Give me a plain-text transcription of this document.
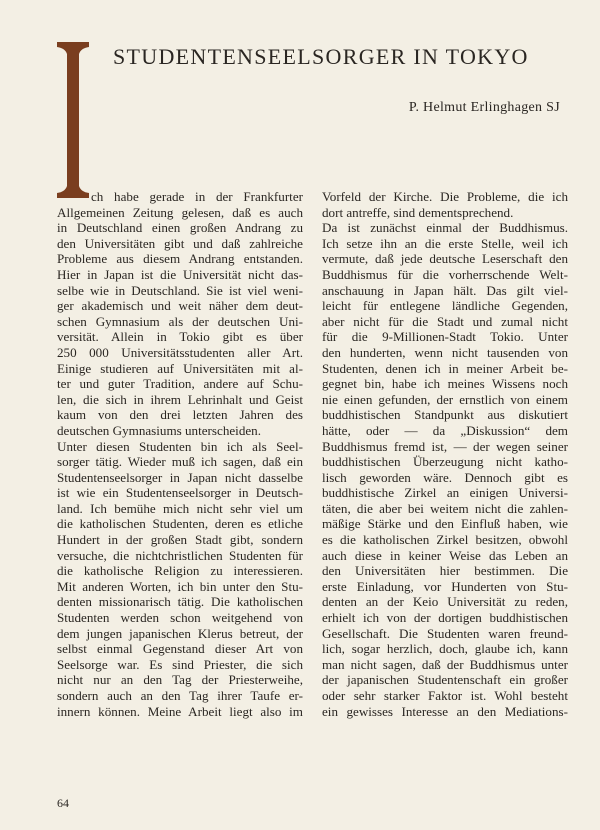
STUDENTENSEELSORGER IN TOKYO
P. Helmut Erlinghagen SJ
ch habe gerade in der Frankfurter
Allgemeinen Zeitung gelesen, daß es auch
in Deutschland einen großen Andrang zu
den Universitäten gibt und daß zahlreiche
Probleme aus diesem Andrang entstanden.
Hier in Japan ist die Universität nicht das-
selbe wie in Deutschland. Sie ist viel weni-
ger akademisch und weit näher dem deut-
schen Gymnasium als der deutschen Uni-
versität. Allein in Tokio gibt es über
250 000 Universitätsstudenten aller Art.
Einige studieren auf Universitäten mit al-
ter und guter Tradition, andere auf Schu-
len, die sich in ihrem Lehrinhalt und Geist
kaum von den drei letzten Jahren des
deutschen Gymnasiums unterscheiden.
Unter diesen Studenten bin ich als Seel-
sorger tätig. Wieder muß ich sagen, daß ein
Studentenseelsorger in Japan nicht dasselbe
ist wie ein Studentenseelsorger in Deutsch-
land. Ich bemühe mich nicht sehr viel um
die katholischen Studenten, deren es etliche
Hundert in der großen Stadt gibt, sondern
versuche, die nichtchristlichen Studenten für
die katholische Religion zu interessieren.
Mit anderen Worten, ich bin unter den Stu-
denten missionarisch tätig. Die katholischen
Studenten werden schon weitgehend von
dem jungen japanischen Klerus betreut, der
selbst einmal Gegenstand dieser Art von
Seelsorge war. Es sind Priester, die sich
nicht nur an den Tag der Priesterweihe,
sondern auch an den Tag ihrer Taufe er-
innern können. Meine Arbeit liegt also im
Vorfeld der Kirche. Die Probleme, die ich
dort antreffe, sind dementsprechend.
Da ist zunächst einmal der Buddhismus.
Ich setze ihn an die erste Stelle, weil ich
vermute, daß jede deutsche Leserschaft den
Buddhismus für die vorherrschende Welt-
anschauung in Japan hält. Das gilt viel-
leicht für entlegene ländliche Gegenden,
aber nicht für die Stadt und zumal nicht
für die 9-Millionen-Stadt Tokio. Unter
den hunderten, wenn nicht tausenden von
Studenten, denen ich in meiner Arbeit be-
gegnet bin, habe ich meines Wissens noch
nie einen gefunden, der ernstlich von einem
buddhistischen Standpunkt aus diskutiert
hätte, oder — da „Diskussion“ dem
Buddhismus fremd ist, — der wegen seiner
buddhistischen Überzeugung nicht katho-
lisch geworden wäre. Dennoch gibt es
buddhistische Zirkel an einigen Universi-
täten, die aber bei weitem nicht die zahlen-
mäßige Stärke und den Einfluß haben, wie
es die katholischen Zirkel besitzen, obwohl
auch diese in keiner Weise das Leben an
den Universitäten hier bestimmen. Die
erste Einladung, vor Hunderten von Stu-
denten an der Keio Universität zu reden,
erhielt ich von der dortigen buddhistischen
Gesellschaft. Die Studenten waren freund-
lich, sogar herzlich, doch, glaube ich, kann
man nicht sagen, daß der Buddhismus unter
der japanischen Studentenschaft ein großer
oder sehr starker Faktor ist. Wohl besteht
ein gewisses Interesse an den Mediations-
64
